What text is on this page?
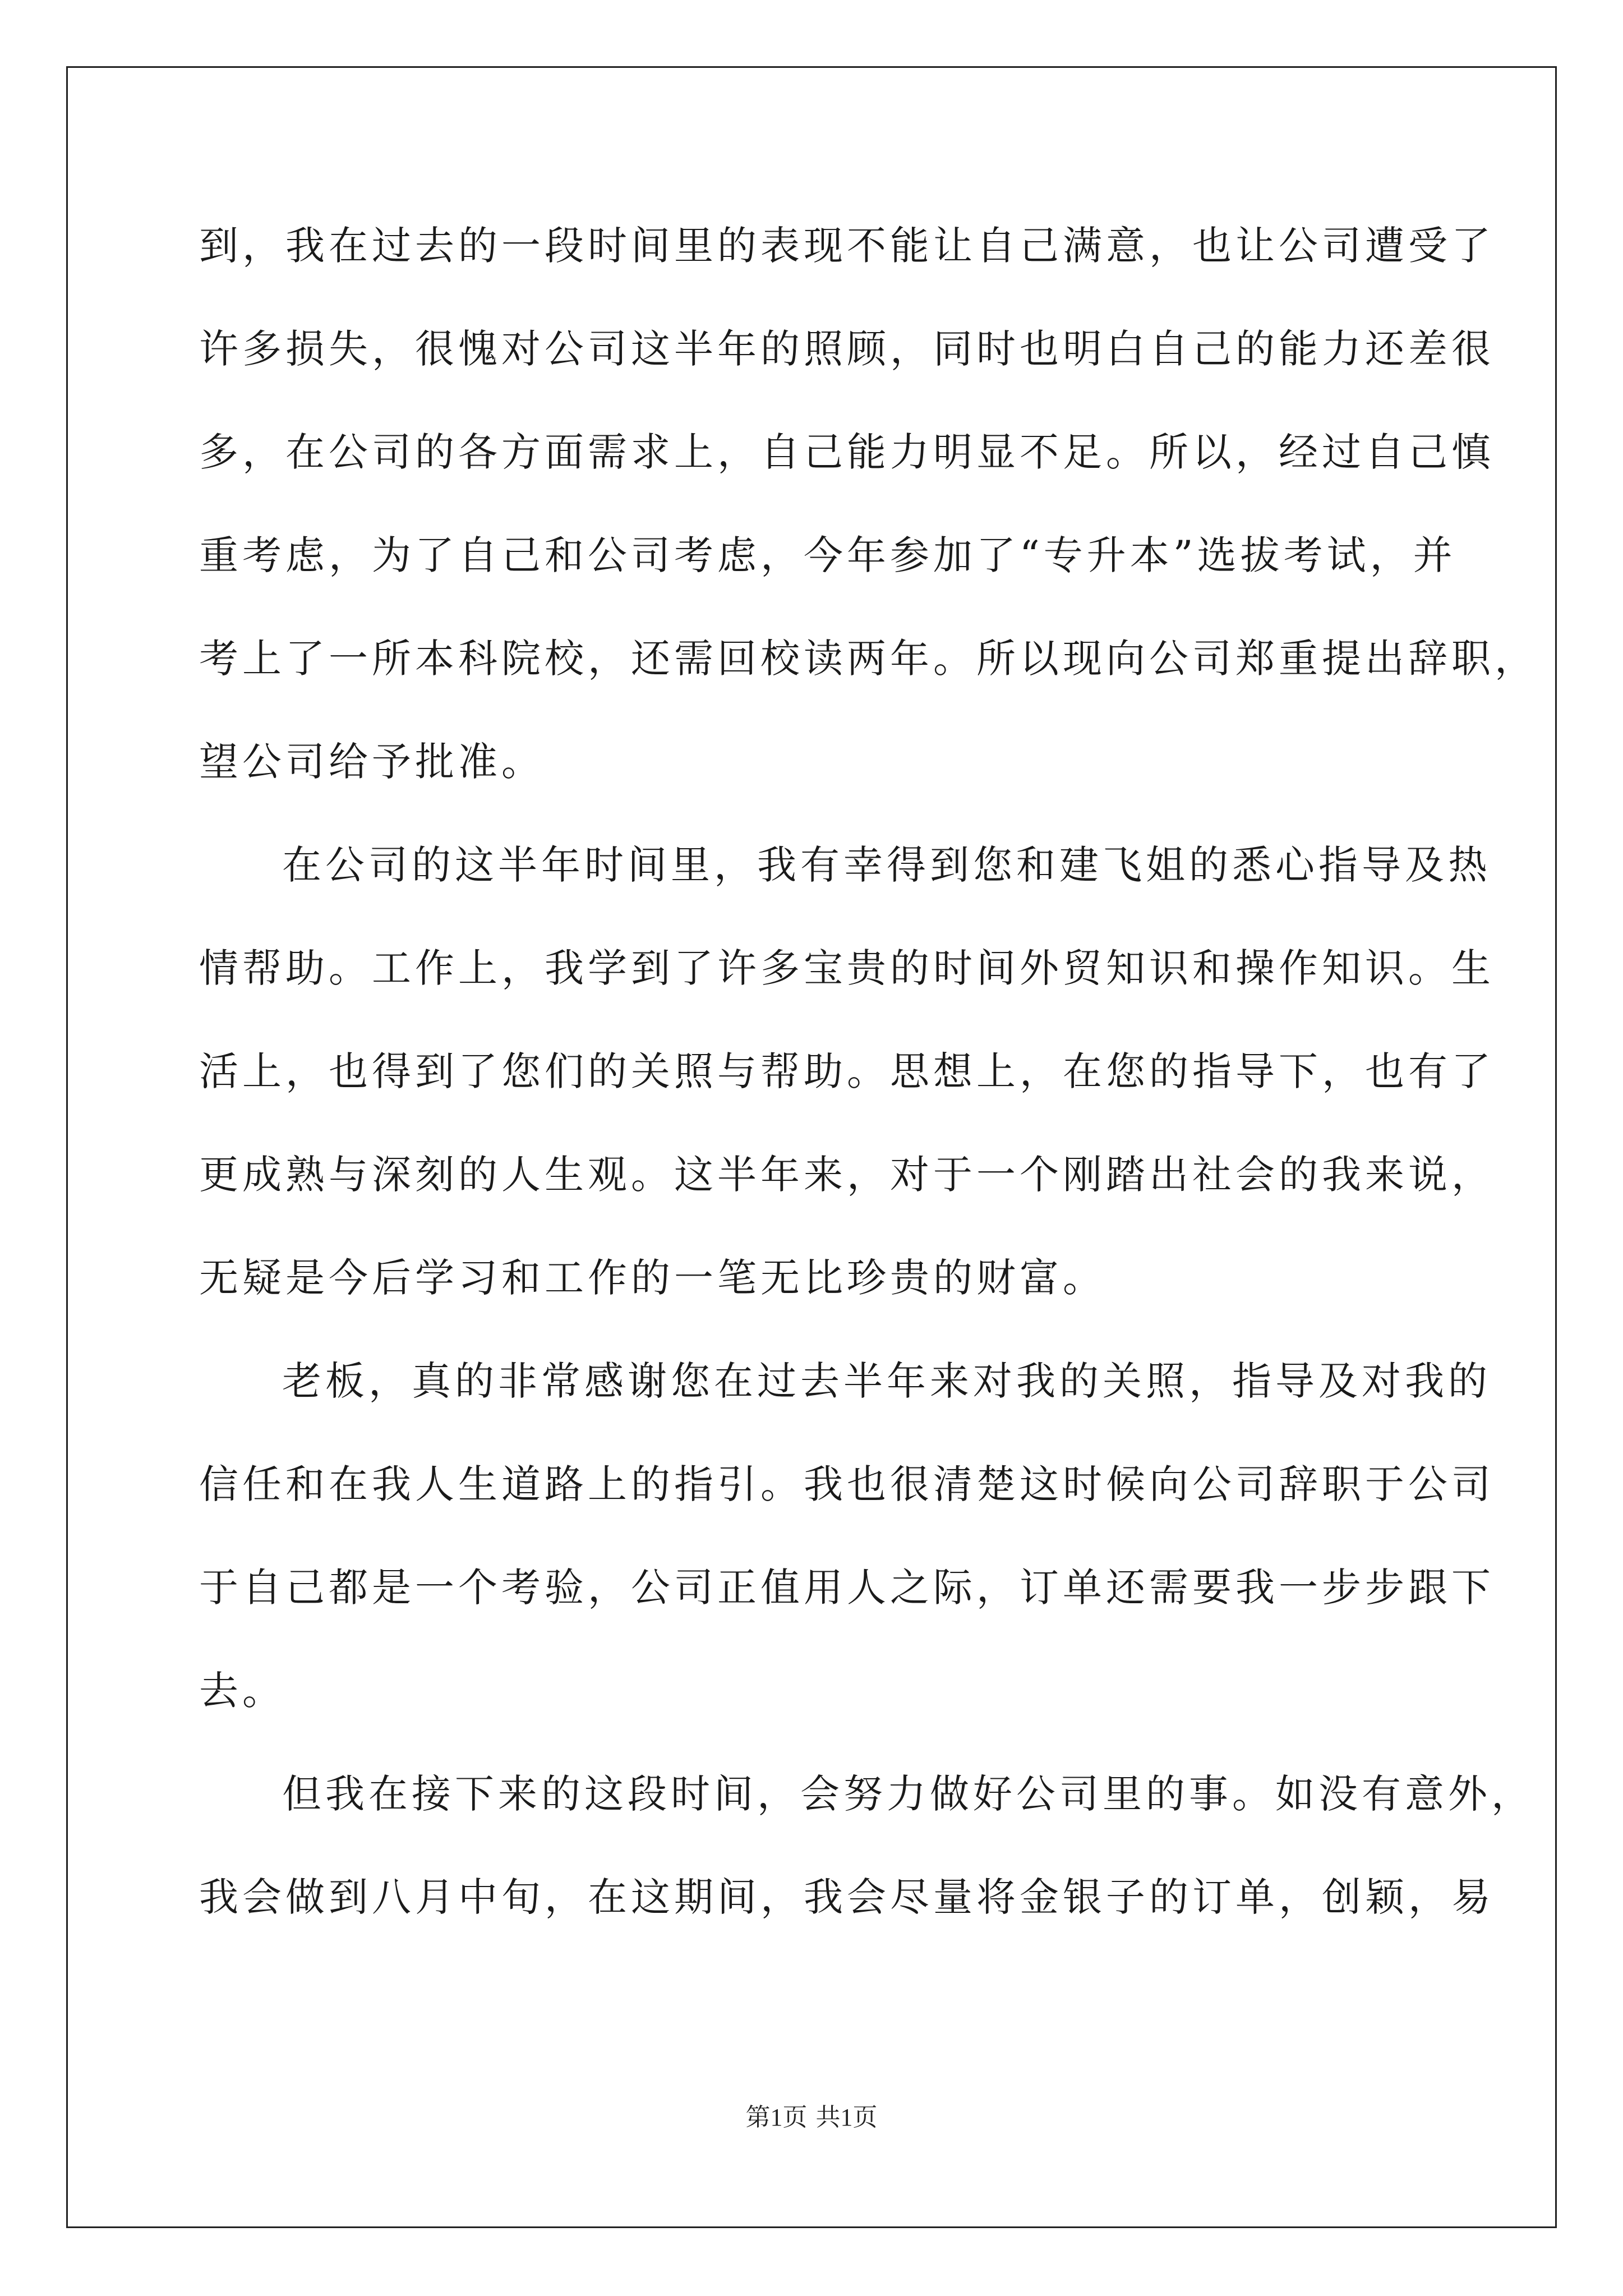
到，我在过去的一段时间里的表现不能让自己满意，也让公司遭受了
许多损失，很愧对公司这半年的照顾，同时也明白自己的能力还差很
多，在公司的各方面需求上，自己能力明显不足。所以，经过自己慎
重考虑，为了自己和公司考虑，今年参加了“专升本”选拔考试，并
考上了一所本科院校，还需回校读两年。所以现向公司郑重提出辞职，
望公司给予批准。
在公司的这半年时间里，我有幸得到您和建飞姐的悉心指导及热
情帮助。工作上，我学到了许多宝贵的时间外贸知识和操作知识。生
活上，也得到了您们的关照与帮助。思想上，在您的指导下，也有了
更成熟与深刻的人生观。这半年来，对于一个刚踏出社会的我来说，
无疑是今后学习和工作的一笔无比珍贵的财富。
老板，真的非常感谢您在过去半年来对我的关照，指导及对我的
信任和在我人生道路上的指引。我也很清楚这时候向公司辞职于公司
于自己都是一个考验，公司正值用人之际，订单还需要我一步步跟下
去。
但我在接下来的这段时间，会努力做好公司里的事。如没有意外，
我会做到八月中旬，在这期间，我会尽量将金银子的订单，创颖，易
第1页 共1页
